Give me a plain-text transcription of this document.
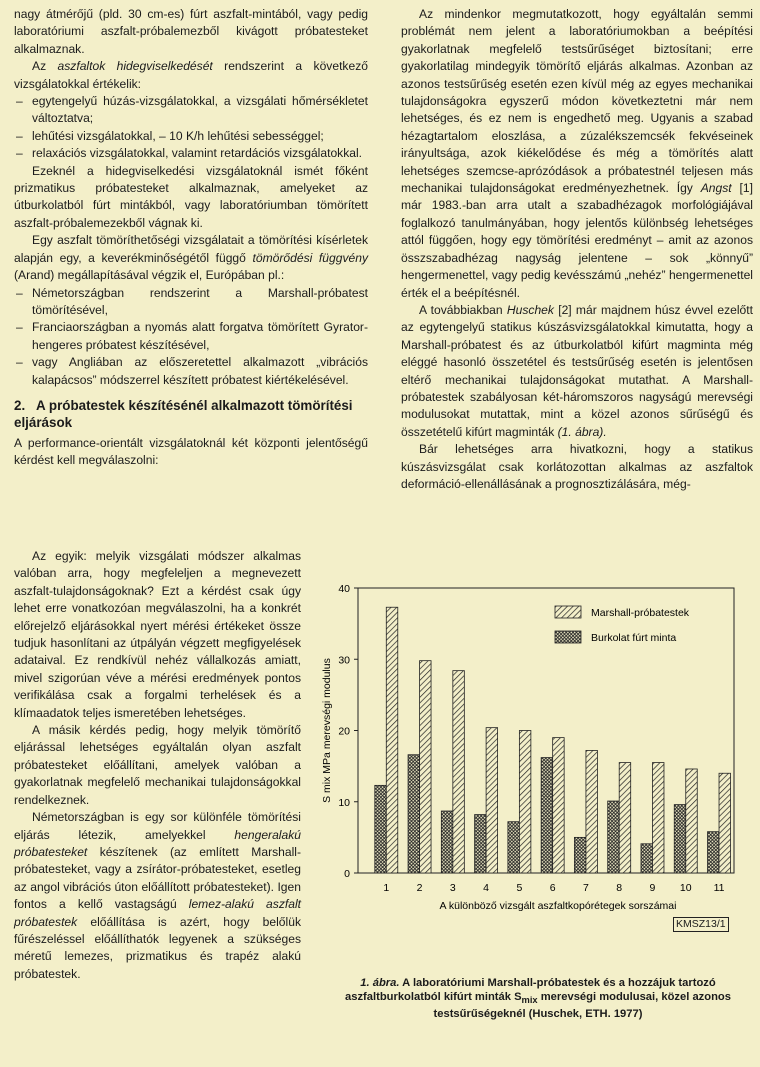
nagy átmérőjű (pld. 30 cm-es) fúrt aszfalt-mintából, vagy pedig laboratóriumi aszfalt-próbalemezből kivágott próbatesteket alkalmaznak.

Az aszfaltok hidegviselkedését rendszerint a következő vizsgálatokkal értékelik:

– egytengelyű húzás-vizsgálatokkal, a vizsgálati hőmérsékletet változtatva;
– lehűtési vizsgálatokkal, – 10 K/h lehűtési sebességgel;
– relaxációs vizsgálatokkal, valamint retardációs vizsgálatokkal.

Ezeknél a hidegviselkedési vizsgálatoknál ismét főként prizmatikus próbatesteket alkalmaznak, amelyeket az útburkolatból fúrt mintákból, vagy laboratóriumban tömörített aszfalt-próbalemezekből vágnak ki.

Egy aszfalt tömöríthetőségi vizsgálatait a tömörítési kísérletek alapján egy, a keverékminőségétől függő tömörődési függvény (Arand) megállapításával végzik el, Európában pl.:

– Németországban rendszerint a Marshall-próbatest tömörítésével,
– Franciaországban a nyomás alatt forgatva tömörített Gyrator-hengeres próbatest készítésével,
– vagy Angliában az előszeretettel alkalmazott „vibrációs kalapácsos” módszerrel készített próbatest kiértékelésével.
2. A próbatestek készítésénél alkalmazott tömörítési eljárások

A performance-orientált vizsgálatoknál két központi jelentőségű kérdést kell megválaszolni:

Az egyik: melyik vizsgálati módszer alkalmas valóban arra, hogy megfeleljen a megnevezett aszfalt-tulajdonságoknak? Ezt a kérdést csak úgy lehet erre vonatkozóan megválaszolni, ha a konkrét előrejelző eljárásokkal nyert mérési értékeket össze tudjuk hasonlítani az útpályán végzett megfigyelések adataival. Ez rendkívül nehéz vállalkozás amiatt, mivel szigorúan véve a mérési eredmények pontos verifikálása csak a forgalmi terhelések és a klímaadatok teljes ismeretében lehetséges.

A másik kérdés pedig, hogy melyik tömörítő eljárással lehetséges egyáltalán olyan aszfalt próbatesteket előállítani, amelyek valóban a gyakorlatnak megfelelő mechanikai tulajdonságokkal rendelkeznek.

Németországban is egy sor különféle tömörítési eljárás létezik, amelyekkel hengeralakú próbatesteket készítenek (az említett Marshall-próbatesteket, vagy a zsírátor-próbatesteket, esetleg az angol vibrációs úton előállított próbatesteket). Igen fontos a kellő vastagságú lemez-alakú aszfalt próbatestek előállítása is azért, hogy belőlük fűrészeléssel előállíthatók legyenek a szükséges méretű lemezes, prizmatikus és trapéz alakú próbatestek.

Az mindenkor megmutatkozott, hogy egyáltalán semmi problémát nem jelent a laboratóriumokban a beépítési gyakorlatnak megfelelő testsűrűséget biztosítani; erre gyakorlatilag mindegyik tömörítő eljárás alkalmas. Azonban az azonos testsűrűség esetén ezen kívül még az egyes mechanikai tulajdonságokra egyszerű módon következtetni már nem lehetséges, és ez nem is engedhető meg. Ugyanis a szabad hézagtartalom eloszlása, a zúzalékszemcsék fekvéseinek irányultsága, azok kiékelődése és még a tömörítés alatt lehetséges szemcse-aprózódások a próbatestnél teljesen más mechanikai tulajdonságokat eredményezhetnek. Így Angst [1] már 1983.-ban arra utalt a szabadhézagok morfológiájával foglalkozó tanulmányában, hogy jelentős különbség lehetséges attól függően, hogy egy tömörítési eredményt – amit az azonos összszabadhézag nagyság jelentene – sok „könnyű” hengermenettel, vagy pedig kevésszámú „nehéz” hengermenettel érték el a beépítésnél.

A továbbiakban Huschek [2] már majdnem húsz évvel ezelőtt az egytengelyű statikus kúszásvizsgálatokkal kimutatta, hogy a Marshall-próbatest és az útburkolatból kifúrt magminta még eléggé hasonló összetétel és testsűrűség esetén is jelentősen eltérő mechanikai tulajdonságokat mutathat. A Marshall-próbatestek szabályosan két-háromszoros nagyságú merevségi modulusokat mutattak, mint a közel azonos sűrűségű és összetételű kifúrt magminták (1. ábra).

Bár lehetséges arra hivatkozni, hogy a statikus kúszásvizsgálat csak korlátozottan alkalmas az aszfaltok deformáció-ellenállásának a prognosztizálására, még-

0
10
20
30
40
S mix MPa merevségi modulus
1	2	3	4	5	6	7	8	9 10 11
A különböző vizsgált aszfaltkopórétegek sorszámai
Marshall-próbatestek
Burkolat fúrt minta
KMSZ13/1
1. ábra. A laboratóriumi Marshall-próbatestek és a hozzájuk tartozó aszfaltburkolatból kifúrt minták $S_{mix}$ merevségi modulusai, közel azonos testsűrűségeknél (Huschek, ETH. 1977)
